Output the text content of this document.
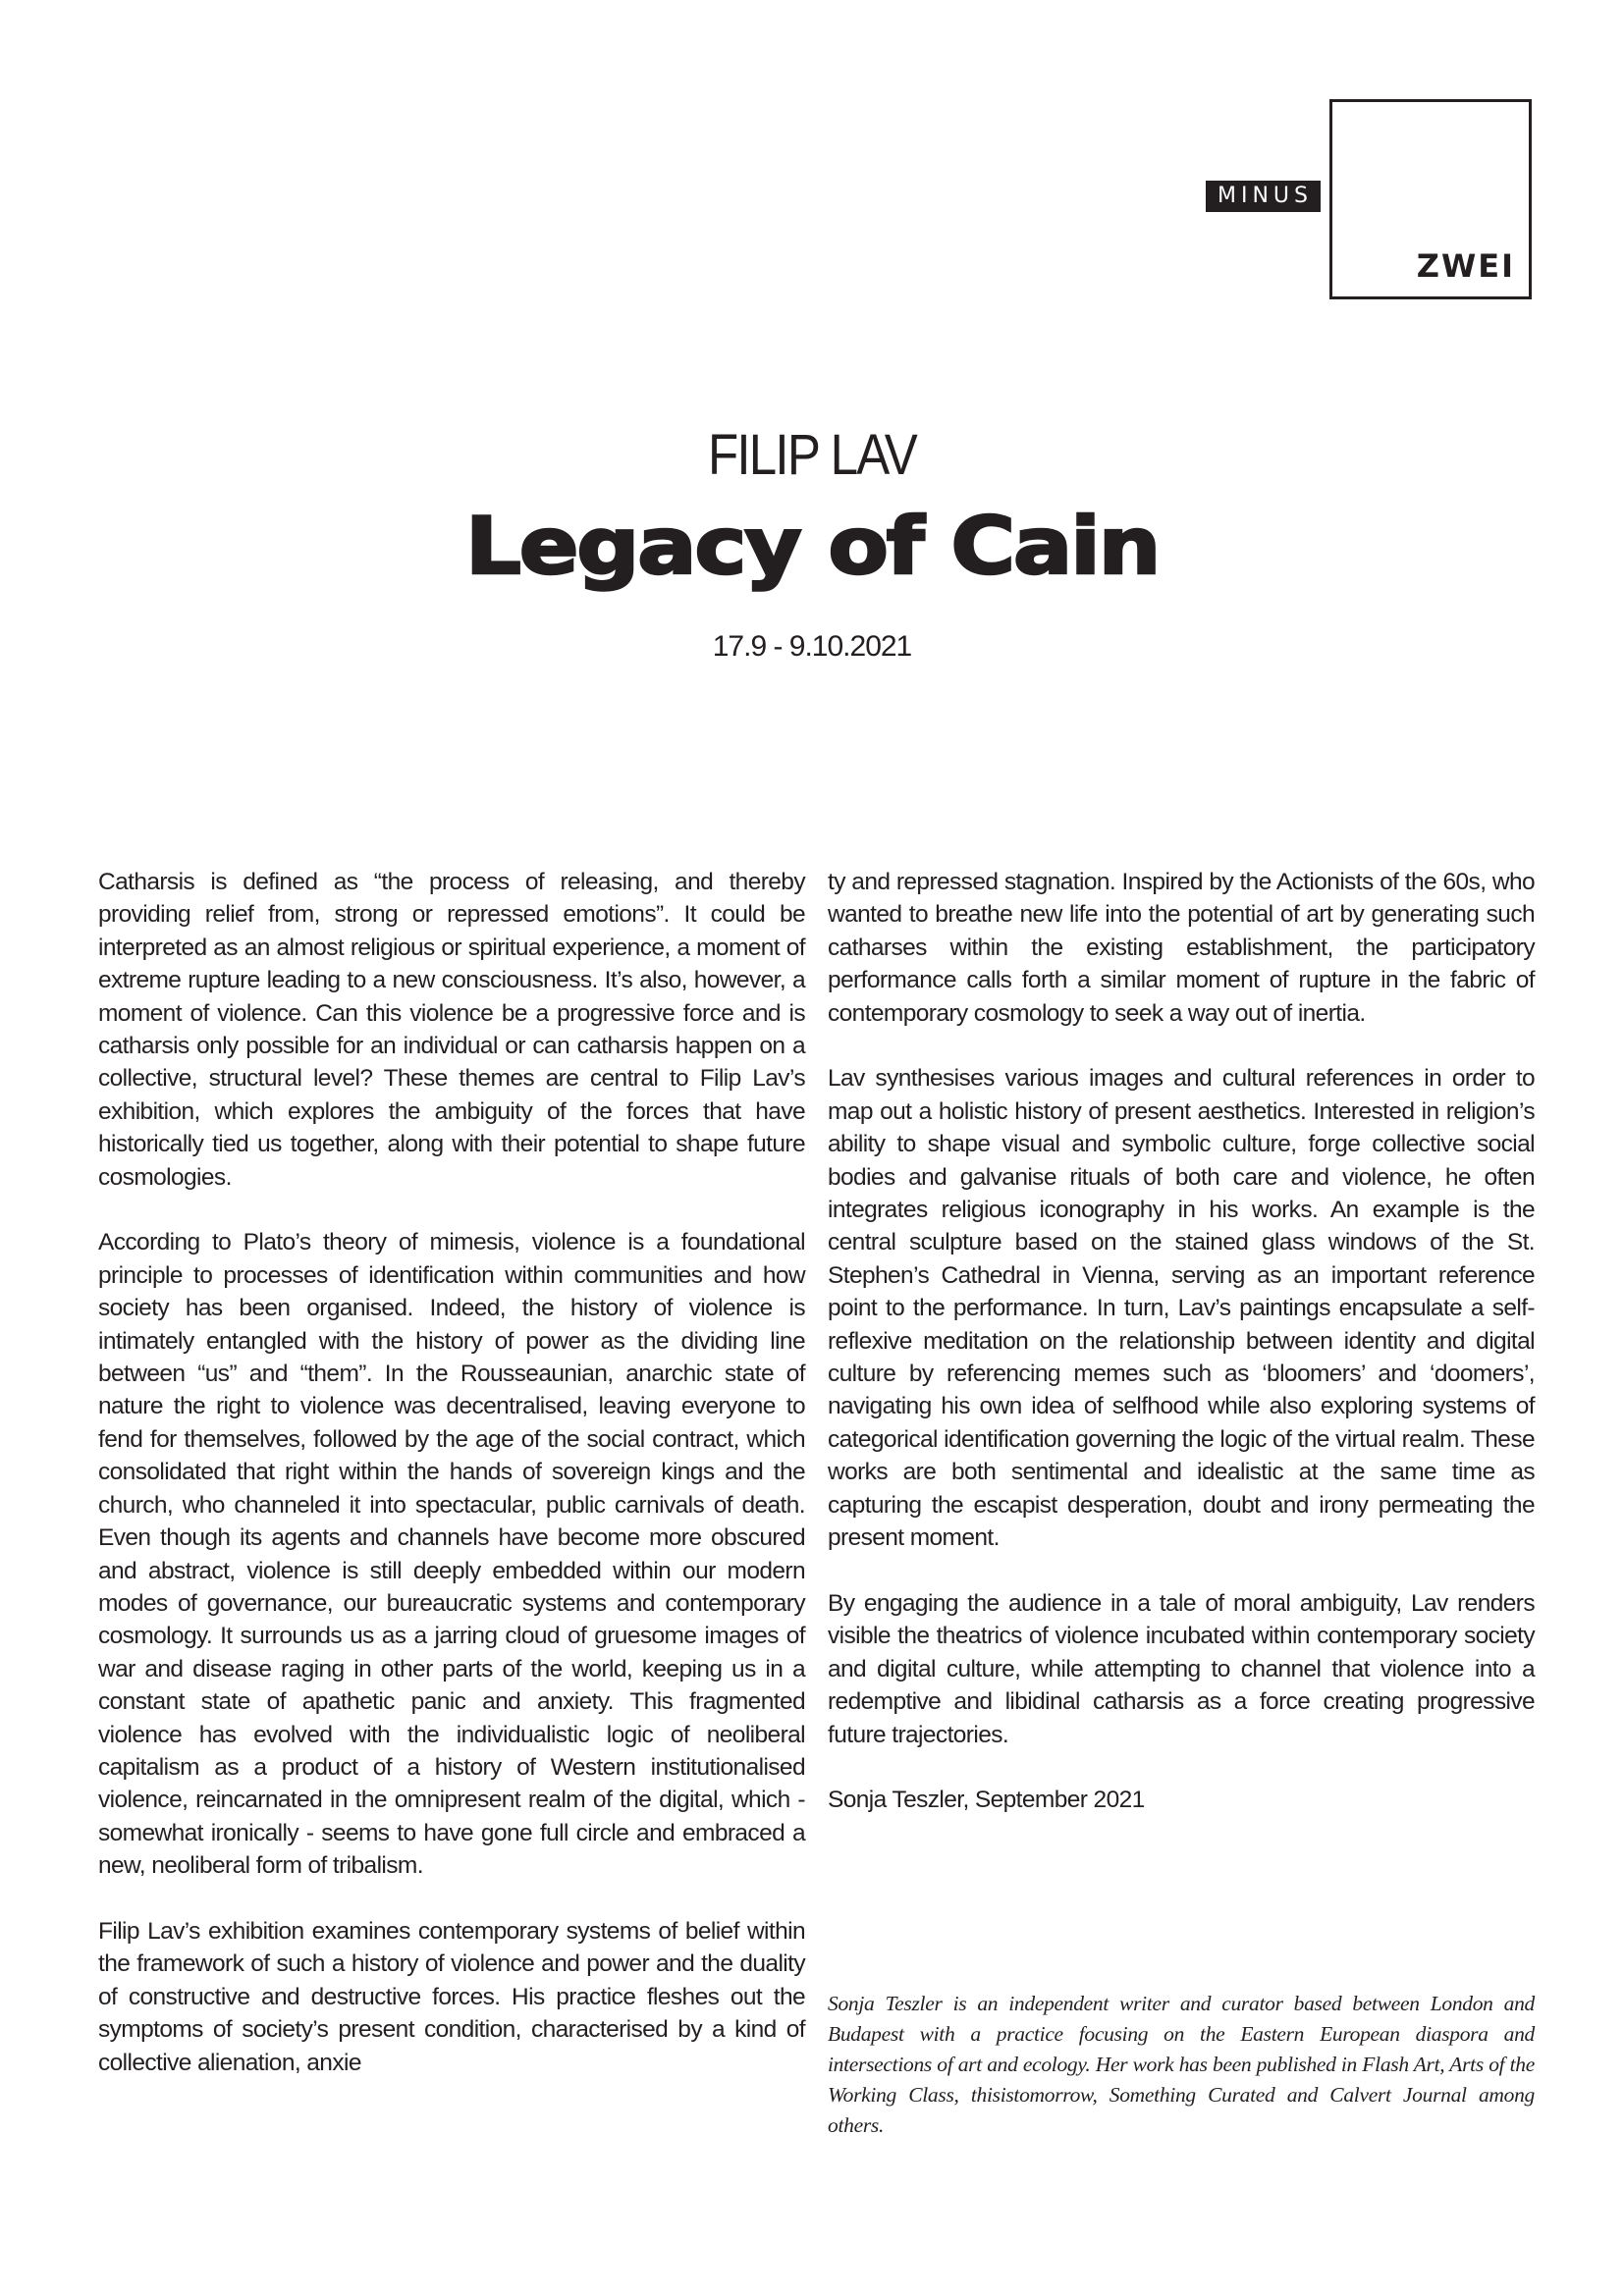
MINUS
ZWEI
FILIP LAV
Legacy of Cain
17.9 - 9.10.2021

Catharsis is defined as “the process of releasing, and thereby providing relief from, strong or repressed emotions”. It could be interpreted as an almost religious or spiritual experience, a moment of extreme rupture leading to a new consciousness. It’s also, however, a moment of violence. Can this violence be a progressive force and is catharsis only possible for an individual or can catharsis happen on a collective, structural level? These themes are central to Filip Lav’s exhibition, which explores the ambiguity of the forces that have historically tied us together, along with their potential to shape future cosmologies.

According to Plato’s theory of mimesis, violence is a foundational principle to processes of identification within communities and how society has been organised. Indeed, the history of violence is intimately entangled with the history of power as the dividing line between “us” and “them”. In the Rousseaunian, anarchic state of nature the right to violence was decentralised, leaving everyone to fend for themselves, followed by the age of the social contract, which consolidated that right within the hands of sovereign kings and the church, who channeled it into spectacular, public carnivals of death. Even though its agents and channels have become more obscured and abstract, violence is still deeply embedded within our modern modes of governance, our bureaucratic systems and contemporary cosmology. It surrounds us as a jarring cloud of gruesome images of war and disease raging in other parts of the world, keeping us in a constant state of apathetic panic and anxiety. This fragmented violence has evolved with the individualistic logic of neoliberal capitalism as a product of a history of Western institutionalised violence, reincarnated in the omnipresent realm of the digital, which - somewhat ironically - seems to have gone full circle and embraced a new, neoliberal form of tribalism.

Filip Lav’s exhibition examines contemporary systems of belief within the framework of such a history of violence and power and the duality of constructive and destructive forces. His practice fleshes out the symptoms of society’s present condition, characterised by a kind of collective alienation, anxie

ty and repressed stagnation. Inspired by the Actionists of the 60s, who wanted to breathe new life into the potential of art by generating such catharses within the existing establishment, the participatory performance calls forth a similar moment of rupture in the fabric of contemporary cosmology to seek a way out of inertia.

Lav synthesises various images and cultural references in order to map out a holistic history of present aesthetics. Interested in religion’s ability to shape visual and symbolic culture, forge collective social bodies and galvanise rituals of both care and violence, he often integrates religious iconography in his works. An example is the central sculpture based on the stained glass windows of the St. Stephen’s Cathedral in Vienna, serving as an important reference point to the performance. In turn, Lav’s paintings encapsulate a self-reflexive meditation on the relationship between identity and digital culture by referencing memes such as ‘bloomers’ and ‘doomers’, navigating his own idea of selfhood while also exploring systems of categorical identification governing the logic of the virtual realm. These works are both sentimental and idealistic at the same time as capturing the escapist desperation, doubt and irony permeating the present moment.

By engaging the audience in a tale of moral ambiguity, Lav renders visible the theatrics of violence incubated within contemporary society and digital culture, while attempting to channel that violence into a redemptive and libidinal catharsis as a force creating progressive future trajectories.

Sonja Teszler, September 2021

Sonja Teszler is an independent writer and curator based between London and Budapest with a practice focusing on the Eastern European diaspora and intersections of art and ecology. Her work has been published in Flash Art, Arts of the Working Class, thisistomorrow, Something Curated and Calvert Journal among others.
